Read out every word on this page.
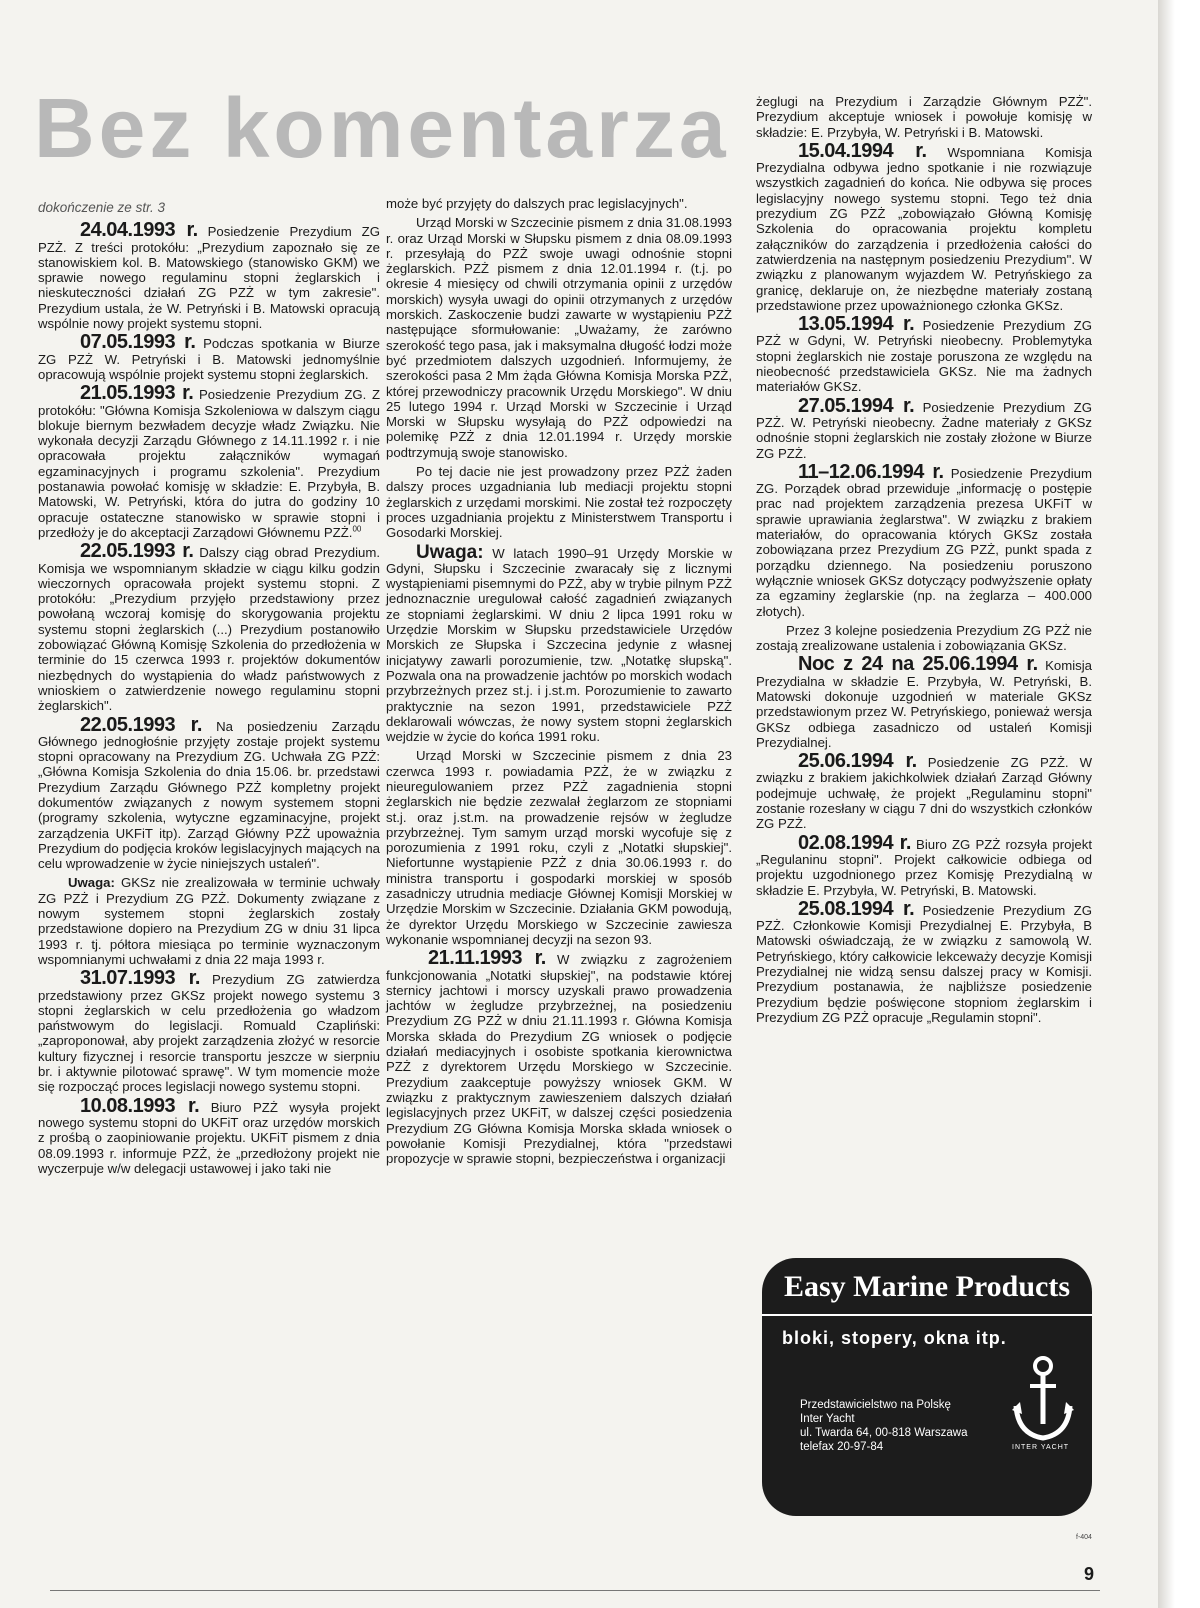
Bez komentarza

dokończenie ze str. 3

24.04.1993 r. Posiedzenie Prezydium ZG PZŻ. Z treści protokółu: „Prezydium zapoznało się ze stanowiskiem kol. B. Matowskiego (stanowisko GKM) we sprawie nowego regulaminu stopni żeglarskich i nieskuteczności działań ZG PZŻ w tym zakresie". Prezydium ustala, że W. Petryński i B. Matowski opracują wspólnie nowy projekt systemu stopni.

07.05.1993 r. Podczas spotkania w Biurze ZG PZŻ W. Petryński i B. Matowski jednomyślnie opracowują wspólnie projekt systemu stopni żeglarskich.

21.05.1993 r. Posiedzenie Prezydium ZG. Z protokółu: "Główna Komisja Szkoleniowa w dalszym ciągu blokuje biernym bezwładem decyzje władz Związku. Nie wykonała decyzji Zarządu Głównego z 14.11.1992 r. i nie opracowała projektu załączników wymagań egzaminacyjnych i programu szkolenia". Prezydium postanawia powołać komisję w składzie: E. Przybyła, B. Matowski, W. Petryński, która do jutra do godziny 10 opracuje ostateczne stanowisko w sprawie stopni i przedłoży je do akceptacji Zarządowi Głównemu PZŻ.$^{00}$

22.05.1993 r. Dalszy ciąg obrad Prezydium. Komisja we wspomnianym składzie w ciągu kilku godzin wieczornych opracowała projekt systemu stopni. Z protokółu: „Prezydium przyjęło przedstawiony przez powołaną wczoraj komisję do skorygowania projektu systemu stopni żeglarskich (...) Prezydium postanowiło zobowiązać Główną Komisję Szkolenia do przedłożenia w terminie do 15 czerwca 1993 r. projektów dokumentów niezbędnych do wystąpienia do władz państwowych z wnioskiem o zatwierdzenie nowego regulaminu stopni żeglarskich".

22.05.1993 r. Na posiedzeniu Zarządu Głównego jednogłośnie przyjęty zostaje projekt systemu stopni opracowany na Prezydium ZG. Uchwała ZG PZŻ: „Główna Komisja Szkolenia do dnia 15.06. br. przedstawi Prezydium Zarządu Głównego PZŻ kompletny projekt dokumentów związanych z nowym systemem stopni (programy szkolenia, wytyczne egzaminacyjne, projekt zarządzenia UKFiT itp). Zarząd Główny PZŻ upoważnia Prezydium do podjęcia kroków legislacyjnych mających na celu wprowadzenie w życie niniejszych ustaleń".

Uwaga: GKSz nie zrealizowała w terminie uchwały ZG PZŻ i Prezydium ZG PZŻ. Dokumenty związane z nowym systemem stopni żeglarskich zostały przedstawione dopiero na Prezydium ZG w dniu 31 lipca 1993 r. tj. półtora miesiąca po terminie wyznaczonym wspomnianymi uchwałami z dnia 22 maja 1993 r.

31.07.1993 r. Prezydium ZG zatwierdza przedstawiony przez GKSz projekt nowego systemu 3 stopni żeglarskich w celu przedłożenia go władzom państwowym do legislacji. Romuald Czapliński: „zaproponował, aby projekt zarządzenia złożyć w resorcie kultury fizycznej i resorcie transportu jeszcze w sierpniu br. i aktywnie pilotować sprawę". W tym momencie może się rozpocząć proces legislacji nowego systemu stopni.

10.08.1993 r. Biuro PZŻ wysyła projekt nowego systemu stopni do UKFiT oraz urzędów morskich z prośbą o zaopiniowanie projektu. UKFiT pismem z dnia 08.09.1993 r. informuje PZŻ, że „przedłożony projekt nie wyczerpuje w/w delegacji ustawowej i jako taki nie

może być przyjęty do dalszych prac legislacyjnych".

Urząd Morski w Szczecinie pismem z dnia 31.08.1993 r. oraz Urząd Morski w Słupsku pismem z dnia 08.09.1993 r. przesyłają do PZŻ swoje uwagi odnośnie stopni żeglarskich. PZŻ pismem z dnia 12.01.1994 r. (t.j. po okresie 4 miesięcy od chwili otrzymania opinii z urzędów morskich) wysyła uwagi do opinii otrzymanych z urzędów morskich. Zaskoczenie budzi zawarte w wystąpieniu PZŻ następujące sformułowanie: „Uważamy, że zarówno szerokość tego pasa, jak i maksymalna długość łodzi może być przedmiotem dalszych uzgodnień. Informujemy, że szerokości pasa 2 Mm żąda Główna Komisja Morska PZŻ, której przewodniczy pracownik Urzędu Morskiego". W dniu 25 lutego 1994 r. Urząd Morski w Szczecinie i Urząd Morski w Słupsku wysyłają do PZŻ odpowiedzi na polemikę PZŻ z dnia 12.01.1994 r. Urzędy morskie podtrzymują swoje stanowisko.

Po tej dacie nie jest prowadzony przez PZŻ żaden dalszy proces uzgadniania lub mediacji projektu stopni żeglarskich z urzędami morskimi. Nie został też rozpoczęty proces uzgadniania projektu z Ministerstwem Transportu i Gosodarki Morskiej.

Uwaga: W latach 1990–91 Urzędy Morskie w Gdyni, Słupsku i Szczecinie zwaracały się z licznymi wystąpieniami pisemnymi do PZŻ, aby w trybie pilnym PZŻ jednoznacznie uregulował całość zagadnień związanych ze stopniami żeglarskimi. W dniu 2 lipca 1991 roku w Urzędzie Morskim w Słupsku przedstawiciele Urzędów Morskich ze Słupska i Szczecina jedynie z własnej inicjatywy zawarli porozumienie, tzw. „Notatkę słupską". Pozwala ona na prowadzenie jachtów po morskich wodach przybrzeżnych przez st.j. i j.st.m. Porozumienie to zawarto praktycznie na sezon 1991, przedstawiciele PZŻ deklarowali wówczas, że nowy system stopni żeglarskich wejdzie w życie do końca 1991 roku.

Urząd Morski w Szczecinie pismem z dnia 23 czerwca 1993 r. powiadamia PZŻ, że w związku z nieuregulowaniem przez PZŻ zagadnienia stopni żeglarskich nie będzie zezwalał żeglarzom ze stopniami st.j. oraz j.st.m. na prowadzenie rejsów w żegludze przybrzeżnej. Tym samym urząd morski wycofuje się z porozumienia z 1991 roku, czyli z „Notatki słupskiej". Niefortunne wystąpienie PZŻ z dnia 30.06.1993 r. do ministra transportu i gospodarki morskiej w sposób zasadniczy utrudnia mediacje Głównej Komisji Morskiej w Urzędzie Morskim w Szczecinie. Działania GKM powodują, że dyrektor Urzędu Morskiego w Szczecinie zawiesza wykonanie wspomnianej decyzji na sezon 93.

21.11.1993 r. W związku z zagrożeniem funkcjonowania „Notatki słupskiej", na podstawie której sternicy jachtowi i morscy uzyskali prawo prowadzenia jachtów w żegludze przybrzeżnej, na posiedzeniu Prezydium ZG PZŻ w dniu 21.11.1993 r. Główna Komisja Morska składa do Prezydium ZG wniosek o podjęcie działań mediacyjnych i osobiste spotkania kierownictwa PZŻ z dyrektorem Urzędu Morskiego w Szczecinie. Prezydium zaakceptuje powyższy wniosek GKM. W związku z praktycznym zawieszeniem dalszych działań legislacyjnych przez UKFiT, w dalszej części posiedzenia Prezydium ZG Główna Komisja Morska składa wniosek o powołanie Komisji Prezydialnej, która "przedstawi propozycje w sprawie stopni, bezpieczeństwa i organizacji

żeglugi na Prezydium i Zarządzie Głównym PZŻ". Prezydium akceptuje wniosek i powołuje komisję w składzie: E. Przybyła, W. Petryński i B. Matowski.

15.04.1994 r. Wspomniana Komisja Prezydialna odbywa jedno spotkanie i nie rozwiązuje wszystkich zagadnień do końca. Nie odbywa się proces legislacyjny nowego systemu stopni. Tego też dnia prezydium ZG PZŻ „zobowiązało Główną Komisję Szkolenia do opracowania projektu kompletu załączników do zarządzenia i przedłożenia całości do zatwierdzenia na następnym posiedzeniu Prezydium". W związku z planowanym wyjazdem W. Petryńskiego za granicę, deklaruje on, że niezbędne materiały zostaną przedstawione przez upoważnionego członka GKSz.

13.05.1994 r. Posiedzenie Prezydium ZG PZŻ w Gdyni, W. Petryński nieobecny. Problemytyka stopni żeglarskich nie zostaje poruszona ze względu na nieobecność przedstawiciela GKSz. Nie ma żadnych materiałów GKSz.

27.05.1994 r. Posiedzenie Prezydium ZG PZŻ. W. Petryński nieobecny. Żadne materiały z GKSz odnośnie stopni żeglarskich nie zostały złożone w Biurze ZG PZŻ.

11–12.06.1994 r. Posiedzenie Prezydium ZG. Porządek obrad przewiduje „informację o postępie prac nad projektem zarządzenia prezesa UKFiT w sprawie uprawiania żeglarstwa". W związku z brakiem materiałów, do opracowania których GKSz została zobowiązana przez Prezydium ZG PZŻ, punkt spada z porządku dziennego. Na posiedzeniu poruszono wyłącznie wniosek GKSz dotyczący podwyższenie opłaty za egzaminy żeglarskie (np. na żeglarza – 400.000 złotych).

Przez 3 kolejne posiedzenia Prezydium ZG PZŻ nie zostają zrealizowane ustalenia i zobowiązania GKSz.

Noc z 24 na 25.06.1994 r. Komisja Prezydialna w składzie E. Przybyła, W. Petryński, B. Matowski dokonuje uzgodnień w materiale GKSz przedstawionym przez W. Petryńskiego, ponieważ wersja GKSz odbiega zasadniczo od ustaleń Komisji Prezydialnej.

25.06.1994 r. Posiedzenie ZG PZŻ. W związku z brakiem jakichkolwiek działań Zarząd Główny podejmuje uchwałę, że projekt „Regulaminu stopni" zostanie rozesłany w ciągu 7 dni do wszystkich członków ZG PZŻ.

02.08.1994 r. Biuro ZG PZŻ rozsyła projekt „Regulaninu stopni". Projekt całkowicie odbiega od projektu uzgodnionego przez Komisję Prezydialną w składzie E. Przybyła, W. Petryński, B. Matowski.

25.08.1994 r. Posiedzenie Prezydium ZG PZŻ. Członkowie Komisji Prezydialnej E. Przybyła, B Matowski oświadczają, że w związku z samowolą W. Petryńskiego, który całkowicie lekceważy decyzje Komisji Prezydialnej nie widzą sensu dalszej pracy w Komisji. Prezydium postanawia, że najbliższe posiedzenie Prezydium będzie poświęcone stopniom żeglarskim i Prezydium ZG PZŻ opracuje „Regulamin stopni".

Easy Marine Products
bloki, stopery, okna itp.
Przedstawicielstwo na Polskę
Inter Yacht
ul. Twarda 64, 00-818 Warszawa
telefax 20-97-84	INTER YACHT
f-404
9
